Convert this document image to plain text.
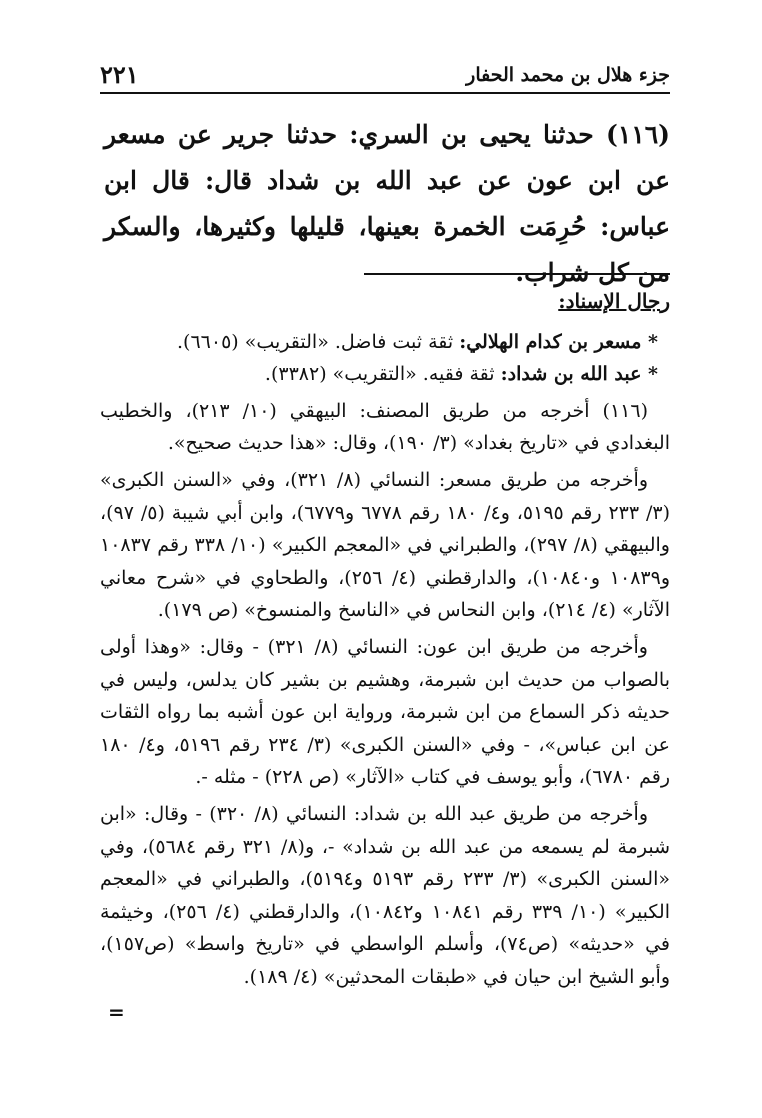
جزء هلال بن محمد الحفار
٢٢١
(١١٦) حدثنا يحيى بن السري: حدثنا جرير عن مسعر عن ابن عون عن عبد الله بن شداد قال: قال ابن عباس: حُرِمَت الخمرة بعينها، قليلها وكثيرها، والسكر من كل شراب.

رجال الإسناد:

* مسعر بن كدام الهلالي: ثقة ثبت فاضل. «التقريب» (٦٦٠٥).

* عبد الله بن شداد: ثقة فقيه. «التقريب» (٣٣٨٢).

(١١٦) أخرجه من طريق المصنف: البيهقي (١٠/ ٢١٣)، والخطيب البغدادي في «تاريخ بغداد» (٣/ ١٩٠)، وقال: «هذا حديث صحيح».

وأخرجه من طريق مسعر: النسائي (٨/ ٣٢١)، وفي «السنن الكبرى» (٣/ ٢٣٣ رقم ٥١٩٥، و٤/ ١٨٠ رقم ٦٧٧٨ و٦٧٧٩)، وابن أبي شيبة (٥/ ٩٧)، والبيهقي (٨/ ٢٩٧)، والطبراني في «المعجم الكبير» (١٠/ ٣٣٨ رقم ١٠٨٣٧ و١٠٨٣٩ و١٠٨٤٠)، والدارقطني (٤/ ٢٥٦)، والطحاوي في «شرح معاني الآثار» (٤/ ٢١٤)، وابن النحاس في «الناسخ والمنسوخ» (ص ١٧٩).

وأخرجه من طريق ابن عون: النسائي (٨/ ٣٢١) - وقال: «وهذا أولى بالصواب من حديث ابن شبرمة، وهشيم بن بشير كان يدلس، وليس في حديثه ذكر السماع من ابن شبرمة، ورواية ابن عون أشبه بما رواه الثقات عن ابن عباس»، - وفي «السنن الكبرى» (٣/ ٢٣٤ رقم ٥١٩٦، و٤/ ١٨٠ رقم ٦٧٨٠)، وأبو يوسف في كتاب «الآثار» (ص ٢٢٨) - مثله -.

وأخرجه من طريق عبد الله بن شداد: النسائي (٨/ ٣٢٠) - وقال: «ابن شبرمة لم يسمعه من عبد الله بن شداد» -، و(٨/ ٣٢١ رقم ٥٦٨٤)، وفي «السنن الكبرى» (٣/ ٢٣٣ رقم ٥١٩٣ و٥١٩٤)، والطبراني في «المعجم الكبير» (١٠/ ٣٣٩ رقم ١٠٨٤١ و١٠٨٤٢)، والدارقطني (٤/ ٢٥٦)، وخيثمة في «حديثه» (ص٧٤)، وأسلم الواسطي في «تاريخ واسط» (ص١٥٧)، وأبو الشيخ ابن حيان في «طبقات المحدثين» (٤/ ١٨٩).

=
